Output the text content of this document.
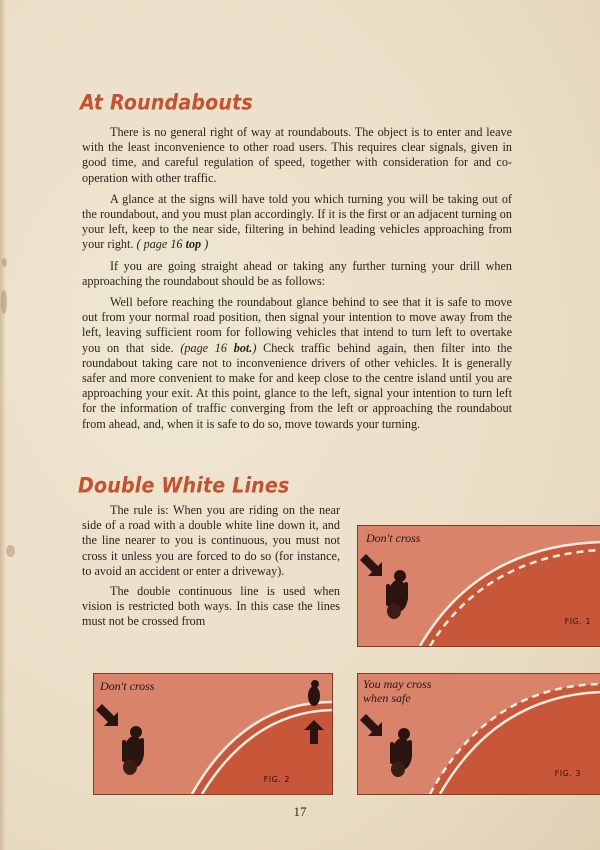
At Roundabouts

There is no general right of way at roundabouts. The object is to enter and leave with the least inconvenience to other road users. This requires clear signals, given in good time, and careful regulation of speed, together with consideration for and co-operation with other traffic.

A glance at the signs will have told you which turning you will be taking out of the roundabout, and you must plan accordingly. If it is the first or an adjacent turning on your left, keep to the near side, filtering in behind leading vehicles approaching from your right. ( page 16 top )

If you are going straight ahead or taking any further turning your drill when approaching the roundabout should be as follows:

Well before reaching the roundabout glance behind to see that it is safe to move out from your normal road position, then signal your intention to move away from the left, leaving sufficient room for following vehicles that intend to turn left to overtake you on that side. (page 16 bot.) Check traffic behind again, then filter into the roundabout taking care not to inconvenience drivers of other vehicles. It is generally safer and more convenient to make for and keep close to the centre island until you are approaching your exit. At this point, glance to the left, signal your intention to turn left for the information of traffic converging from the left or approaching the roundabout from ahead, and, when it is safe to do so, move towards your turning.

Double White Lines

The rule is: When you are riding on the near side of a road with a double white line down it, and the line nearer to you is continuous, you must not cross it unless you are forced to do so (for instance, to avoid an accident or enter a driveway).

The double continuous line is used when vision is restricted both ways. In this case the lines must not be crossed from

Don't cross
FIG. 1
Don't cross
FIG. 2
You may cross
when safe
FIG. 3
17
